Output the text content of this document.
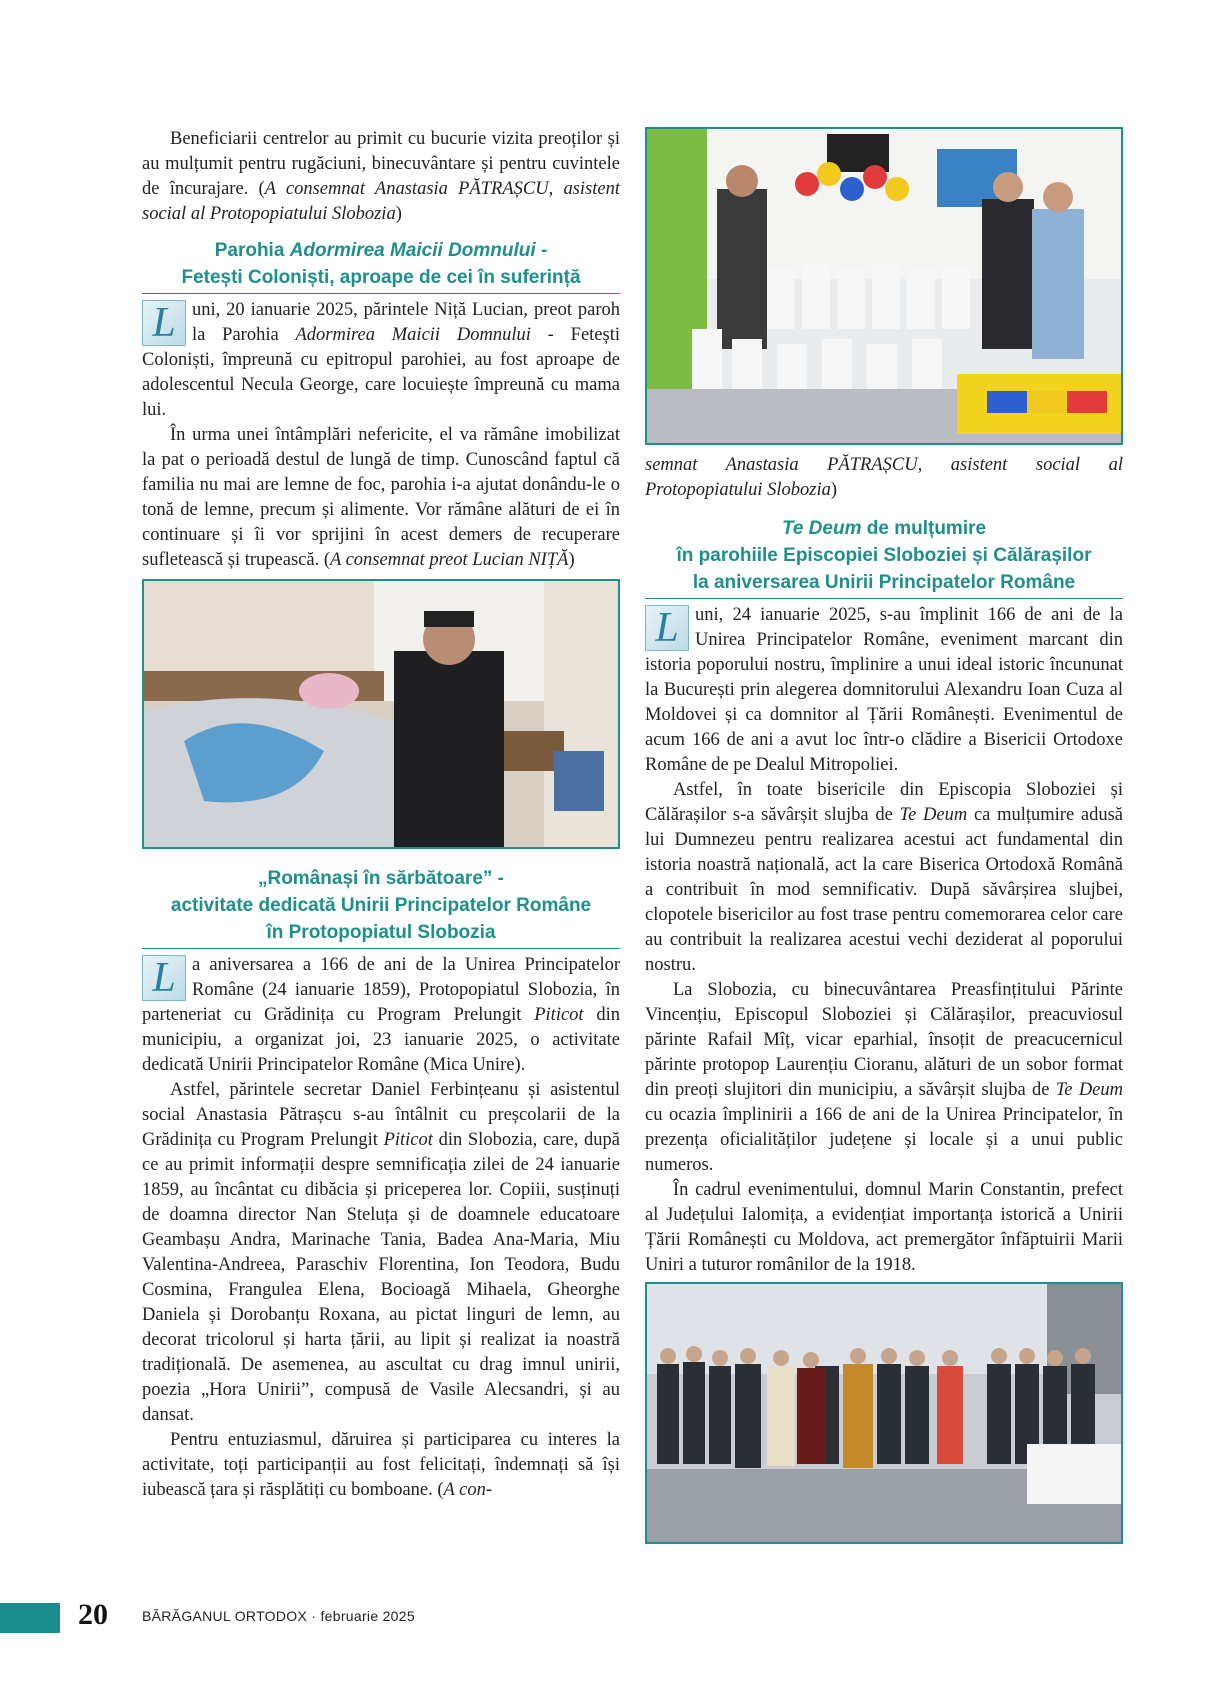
Beneficiarii centrelor au primit cu bucurie vizita preoților și au mulțumit pentru rugăciuni, binecuvântare și pentru cuvintele de încurajare. (A consemnat Anastasia PĂTRAȘCU, asistent social al Protopopiatului Slobozia)

Parohia Adormirea Maicii Domnului -
Fetești Coloniști, aproape de cei în suferință

L uni, 20 ianuarie 2025, părintele Niță Lucian, preot paroh la Parohia Adormirea Maicii Domnului - Fetești Coloniști, împreună cu epitropul parohiei, au fost aproape de adolescentul Necula George, care locuiește împreună cu mama lui.

În urma unei întâmplări nefericite, el va rămâne imobilizat la pat o perioadă destul de lungă de timp. Cunoscând faptul că familia nu mai are lemne de foc, parohia i-a ajutat donându-le o tonă de lemne, precum și alimente. Vor rămâne alături de ei în continuare și îi vor sprijini în acest demers de recuperare sufletească și trupească. (A consemnat preot Lucian NIȚĂ)

„Românași în sărbătoare” -
activitate dedicată Unirii Principatelor Române
în Protopopiatul Slobozia

L a aniversarea a 166 de ani de la Unirea Principatelor Române (24 ianuarie 1859), Protopopiatul Slobozia, în parteneriat cu Grădinița cu Program Prelungit Piticot din municipiu, a organizat joi, 23 ianuarie 2025, o activitate dedicată Unirii Principatelor Române (Mica Unire).

Astfel, părintele secretar Daniel Ferbințeanu și asistentul social Anastasia Pătrașcu s-au întâlnit cu preșcolarii de la Grădinița cu Program Prelungit Piticot din Slobozia, care, după ce au primit informații despre semnificația zilei de 24 ianuarie 1859, au încântat cu dibăcia și priceperea lor. Copiii, susținuți de doamna director Nan Steluța și de doamnele educatoare Geambașu Andra, Marinache Tania, Badea Ana-Maria, Miu Valentina-Andreea, Paraschiv Florentina, Ion Teodora, Budu Cosmina, Frangulea Elena, Bocioagă Mihaela, Gheorghe Daniela și Dorobanțu Roxana, au pictat linguri de lemn, au decorat tricolorul și harta țării, au lipit și realizat ia noastră tradițională. De asemenea, au ascultat cu drag imnul unirii, poezia „Hora Unirii”, compusă de Vasile Alecsandri, și au dansat.

Pentru entuziasmul, dăruirea și participarea cu interes la activitate, toți participanții au fost felicitați, îndemnați să își iubească țara și răsplătiți cu bomboane. (A con-

semnat Anastasia PĂTRAȘCU, asistent social al Protopopiatului Slobozia)

Te Deum de mulțumire
în parohiile Episcopiei Sloboziei și Călărașilor
la aniversarea Unirii Principatelor Române

L uni, 24 ianuarie 2025, s-au împlinit 166 de ani de la Unirea Principatelor Române, eveniment marcant din istoria poporului nostru, împlinire a unui ideal istoric încununat la București prin alegerea domnitorului Alexandru Ioan Cuza al Moldovei și ca domnitor al Țării Românești. Evenimentul de acum 166 de ani a avut loc într-o clădire a Bisericii Ortodoxe Române de pe Dealul Mitropoliei.

Astfel, în toate bisericile din Episcopia Sloboziei și Călărașilor s-a săvârșit slujba de Te Deum ca mulțumire adusă lui Dumnezeu pentru realizarea acestui act fundamental din istoria noastră națională, act la care Biserica Ortodoxă Română a contribuit în mod semnificativ. După săvârșirea slujbei, clopotele bisericilor au fost trase pentru comemorarea celor care au contribuit la realizarea acestui vechi deziderat al poporului nostru.

La Slobozia, cu binecuvântarea Preasfințitului Părinte Vincențiu, Episcopul Sloboziei și Călărașilor, preacuviosul părinte Rafail Mîț, vicar eparhial, însoțit de preacucernicul părinte protopop Laurențiu Cioranu, alături de un sobor format din preoți slujitori din municipiu, a săvârșit slujba de Te Deum cu ocazia împlinirii a 166 de ani de la Unirea Principatelor, în prezența oficialităților județene și locale și a unui public numeros.

În cadrul evenimentului, domnul Marin Constantin, prefect al Județului Ialomița, a evidențiat importanța istorică a Unirii Țării Românești cu Moldova, act premergător înfăptuirii Marii Uniri a tuturor românilor de la 1918.

20 BĂRĂGANUL ORTODOX · februarie 2025
